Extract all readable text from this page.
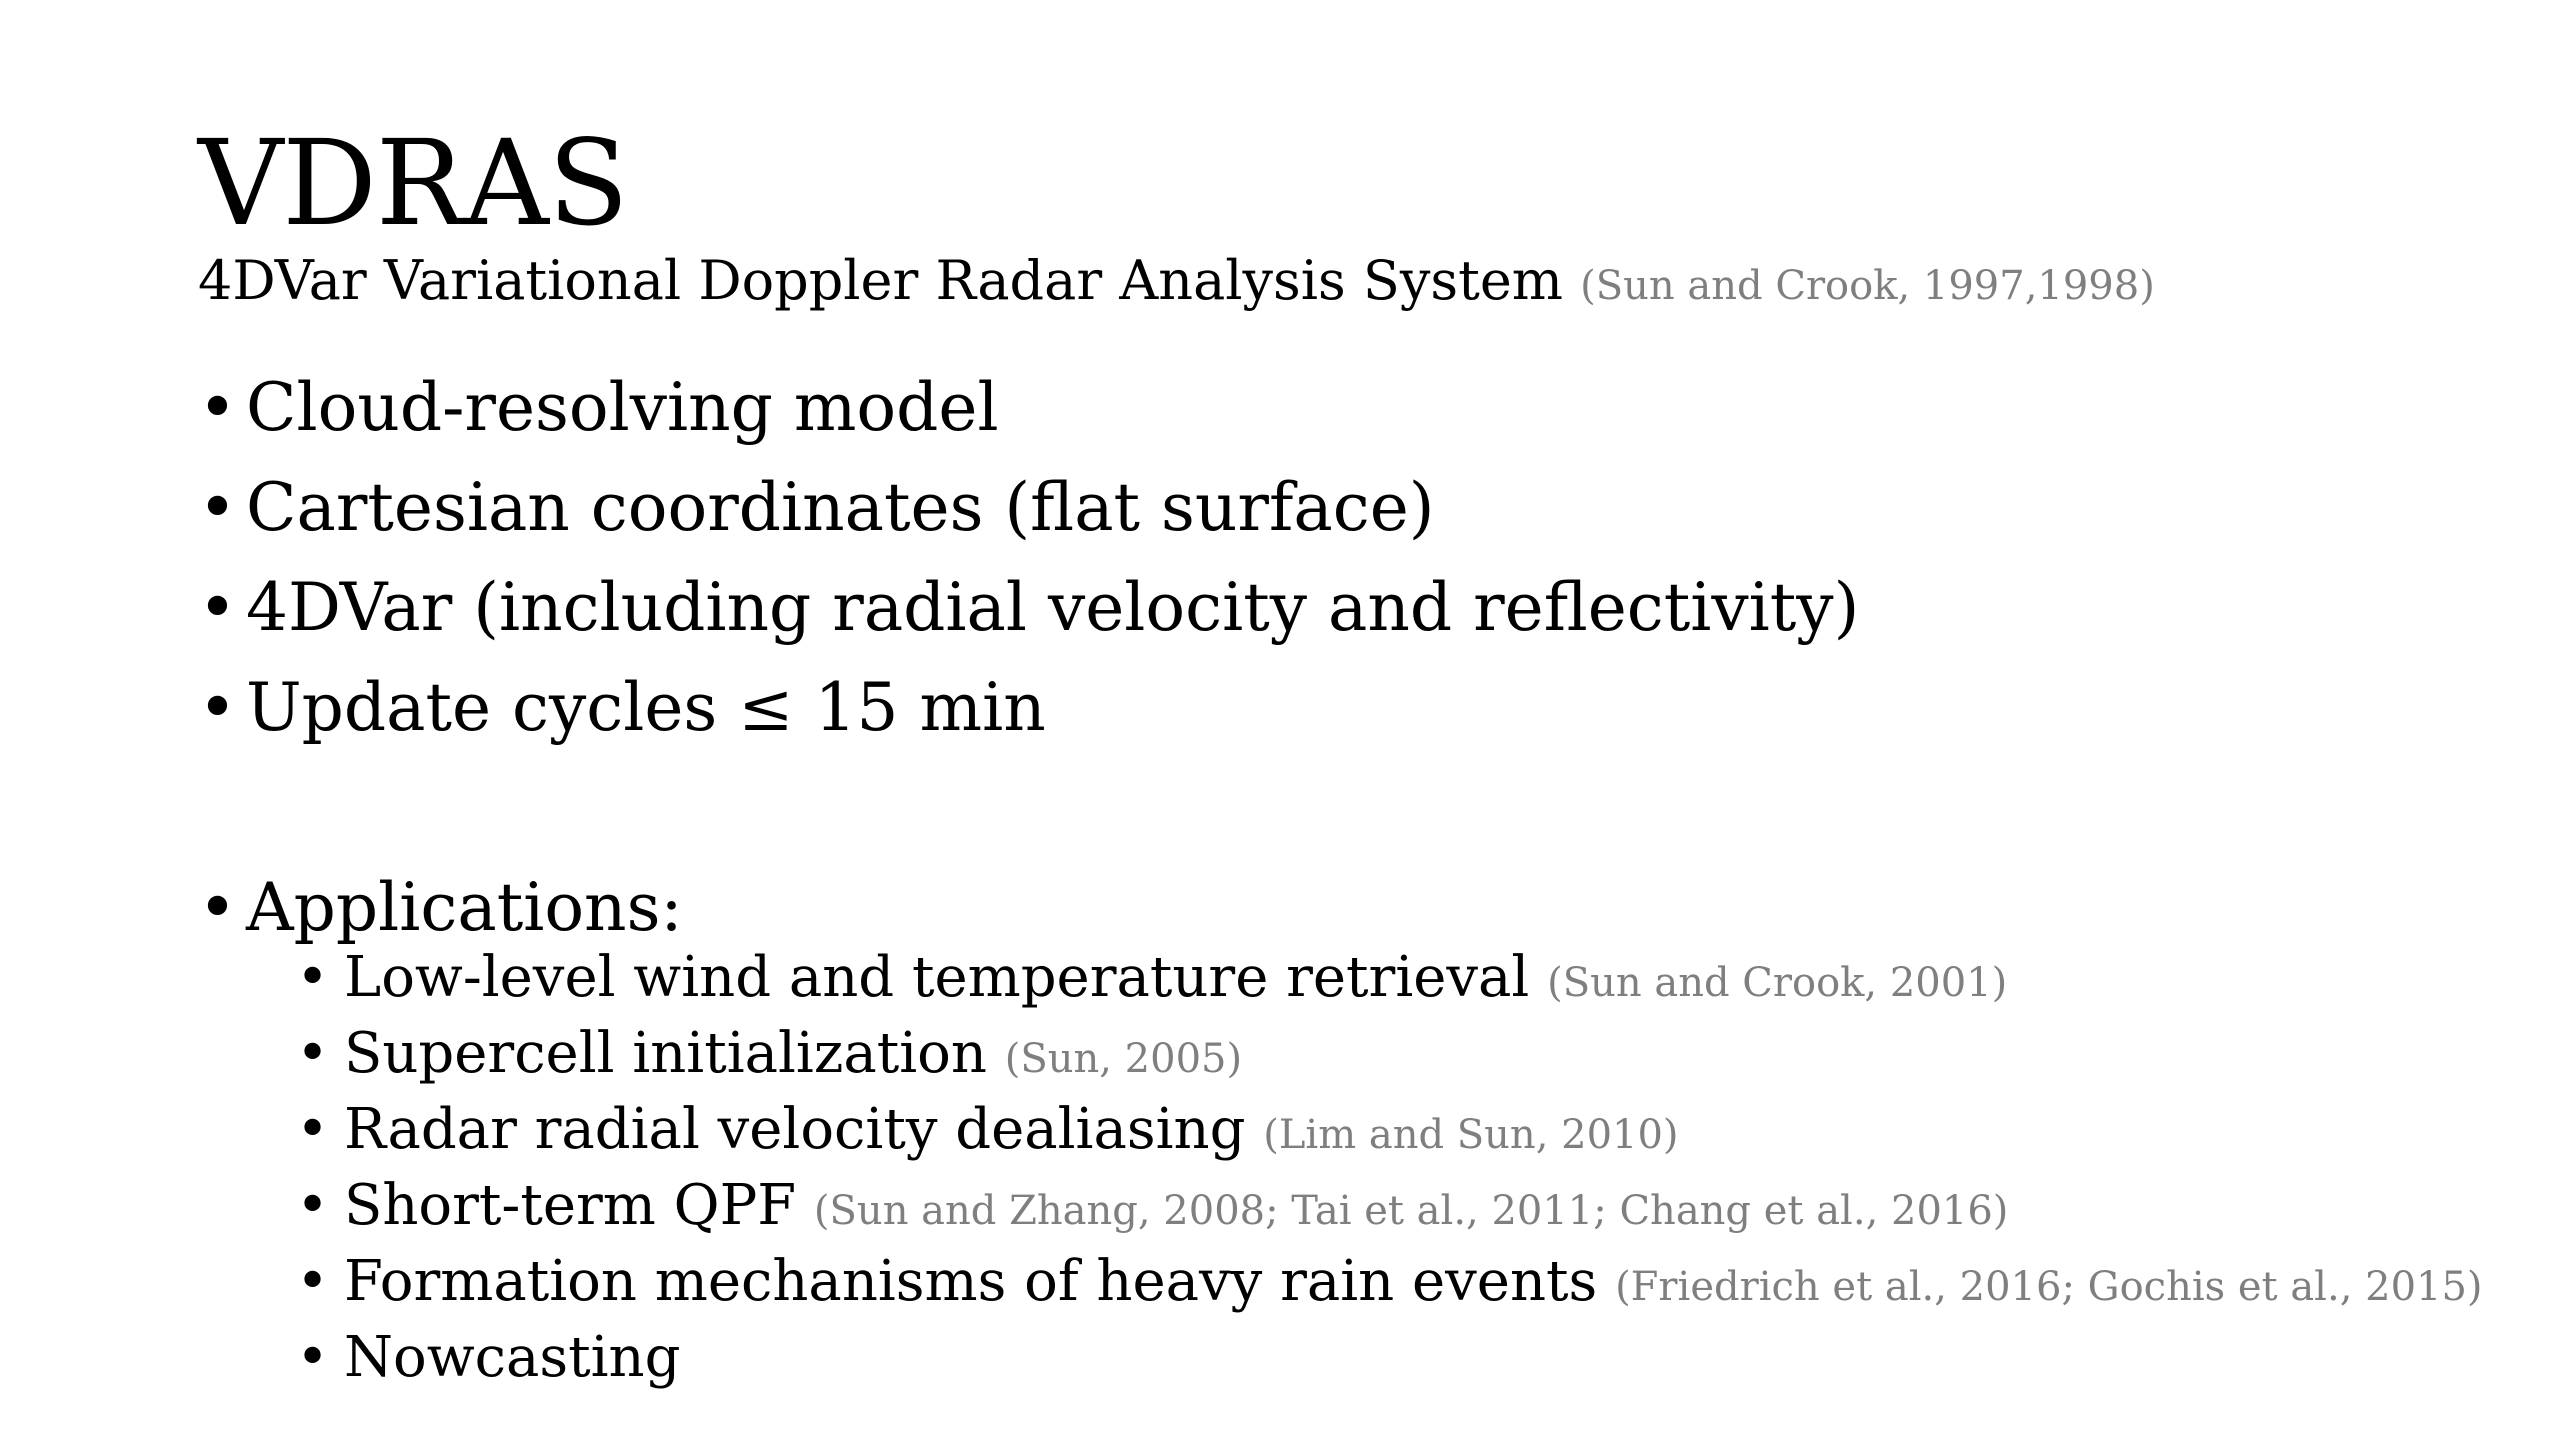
VDRAS
4DVar Variational Doppler Radar Analysis System (Sun and Crook, 1997,1998)
• Cloud-resolving model
• Cartesian coordinates (flat surface)
• 4DVar (including radial velocity and reflectivity)
• Update cycles ≤ 15 min
• Applications:
• Low-level wind and temperature retrieval (Sun and Crook, 2001)
• Supercell initialization (Sun, 2005)
• Radar radial velocity dealiasing (Lim and Sun, 2010)
• Short-term QPF (Sun and Zhang, 2008; Tai et al., 2011; Chang et al., 2016)
• Formation mechanisms of heavy rain events (Friedrich et al., 2016; Gochis et al., 2015)
• Nowcasting
